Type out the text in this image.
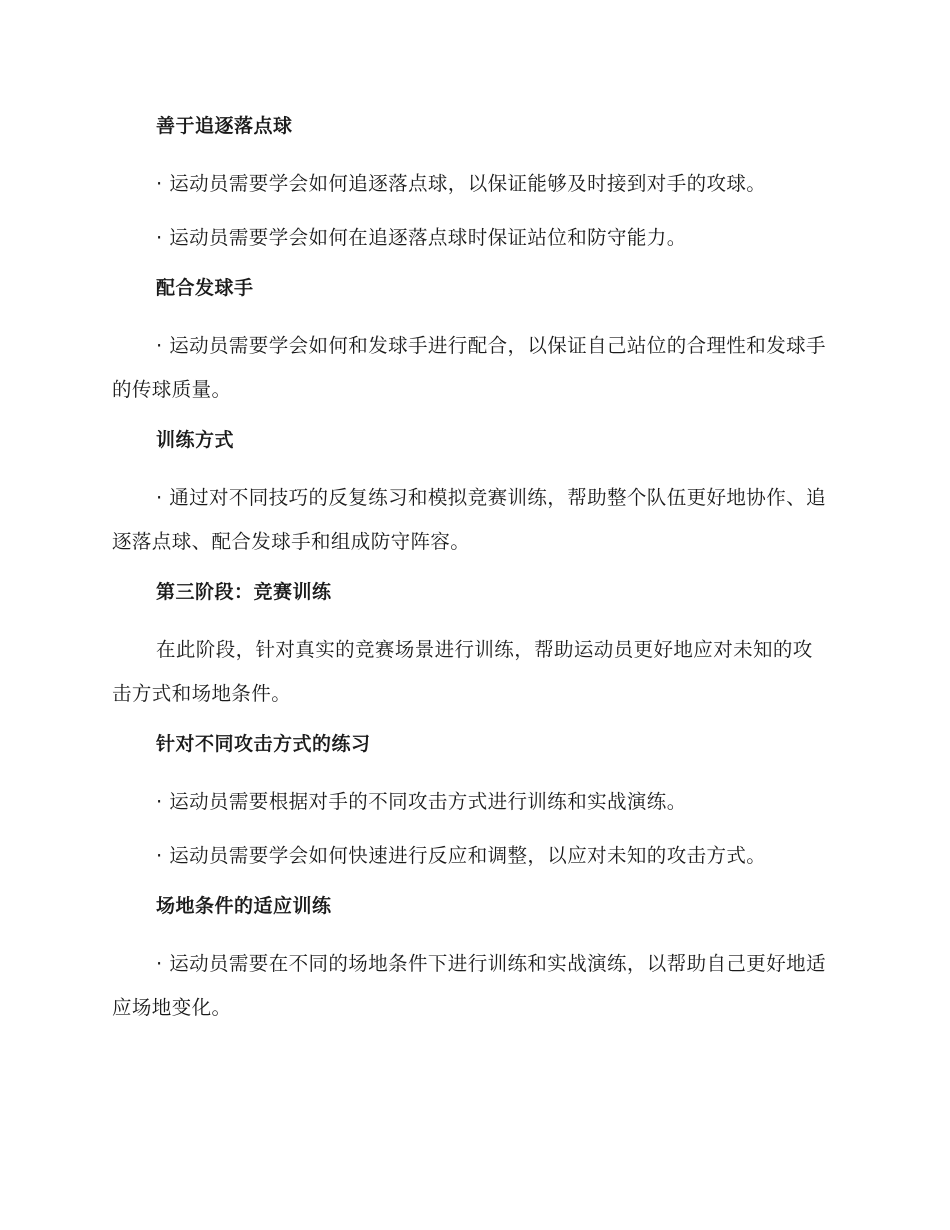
善于追逐落点球

· 运动员需要学会如何追逐落点球，以保证能够及时接到对手的攻球。

· 运动员需要学会如何在追逐落点球时保证站位和防守能力。

配合发球手

· 运动员需要学会如何和发球手进行配合，以保证自己站位的合理性和发球手的传球质量。

训练方式

· 通过对不同技巧的反复练习和模拟竞赛训练，帮助整个队伍更好地协作、追逐落点球、配合发球手和组成防守阵容。

第三阶段：竞赛训练

在此阶段，针对真实的竞赛场景进行训练，帮助运动员更好地应对未知的攻击方式和场地条件。

针对不同攻击方式的练习

· 运动员需要根据对手的不同攻击方式进行训练和实战演练。

· 运动员需要学会如何快速进行反应和调整，以应对未知的攻击方式。

场地条件的适应训练

· 运动员需要在不同的场地条件下进行训练和实战演练，以帮助自己更好地适应场地变化。
